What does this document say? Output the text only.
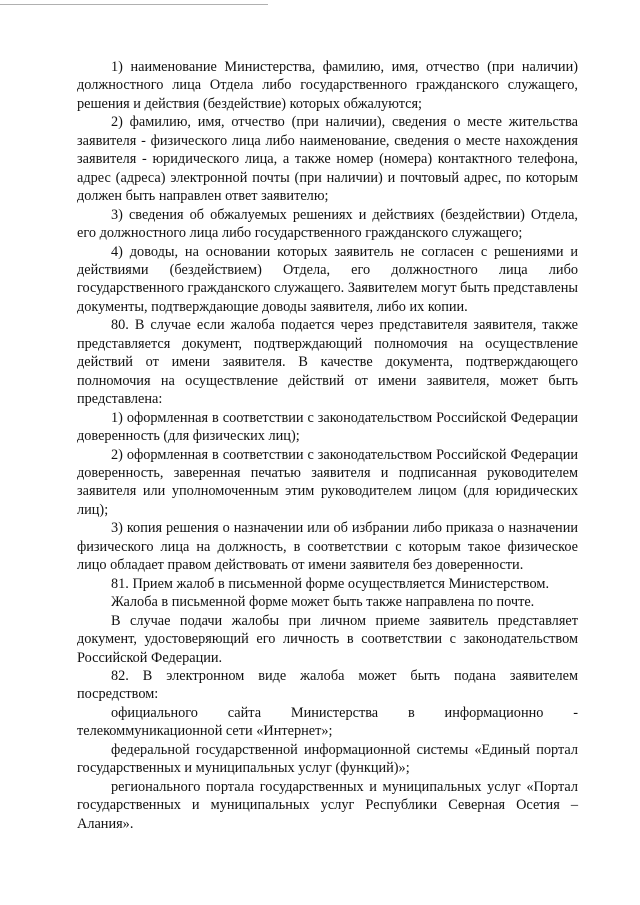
1) наименование Министерства, фамилию, имя, отчество (при наличии) должностного лица Отдела либо государственного гражданского служащего, решения и действия (бездействие) которых обжалуются;

2) фамилию, имя, отчество (при наличии), сведения о месте жительства заявителя - физического лица либо наименование, сведения о месте нахождения заявителя - юридического лица, а также номер (номера) контактного телефона, адрес (адреса) электронной почты (при наличии) и почтовый адрес, по которым должен быть направлен ответ заявителю;

3) сведения об обжалуемых решениях и действиях (бездействии) Отдела, его должностного лица либо государственного гражданского служащего;

4) доводы, на основании которых заявитель не согласен с решениями и действиями (бездействием) Отдела, его должностного лица либо государственного гражданского служащего. Заявителем могут быть представлены документы, подтверждающие доводы заявителя, либо их копии.

80. В случае если жалоба подается через представителя заявителя, также представляется документ, подтверждающий полномочия на осуществление действий от имени заявителя. В качестве документа, подтверждающего полномочия на осуществление действий от имени заявителя, может быть представлена:

1) оформленная в соответствии с законодательством Российской Федерации доверенность (для физических лиц);

2) оформленная в соответствии с законодательством Российской Федерации доверенность, заверенная печатью заявителя и подписанная руководителем заявителя или уполномоченным этим руководителем лицом (для юридических лиц);

3) копия решения о назначении или об избрании либо приказа о назначении физического лица на должность, в соответствии с которым такое физическое лицо обладает правом действовать от имени заявителя без доверенности.

81. Прием жалоб в письменной форме осуществляется Министерством.

Жалоба в письменной форме может быть также направлена по почте.

В случае подачи жалобы при личном приеме заявитель представляет документ, удостоверяющий его личность в соответствии с законодательством Российской Федерации.

82. В электронном виде жалоба может быть подана заявителем посредством:

официального сайта Министерства в информационно - телекоммуникационной сети «Интернет»;

федеральной государственной информационной системы «Единый портал государственных и муниципальных услуг (функций)»;

регионального портала государственных и муниципальных услуг «Портал государственных и муниципальных услуг Республики Северная Осетия – Алания».
